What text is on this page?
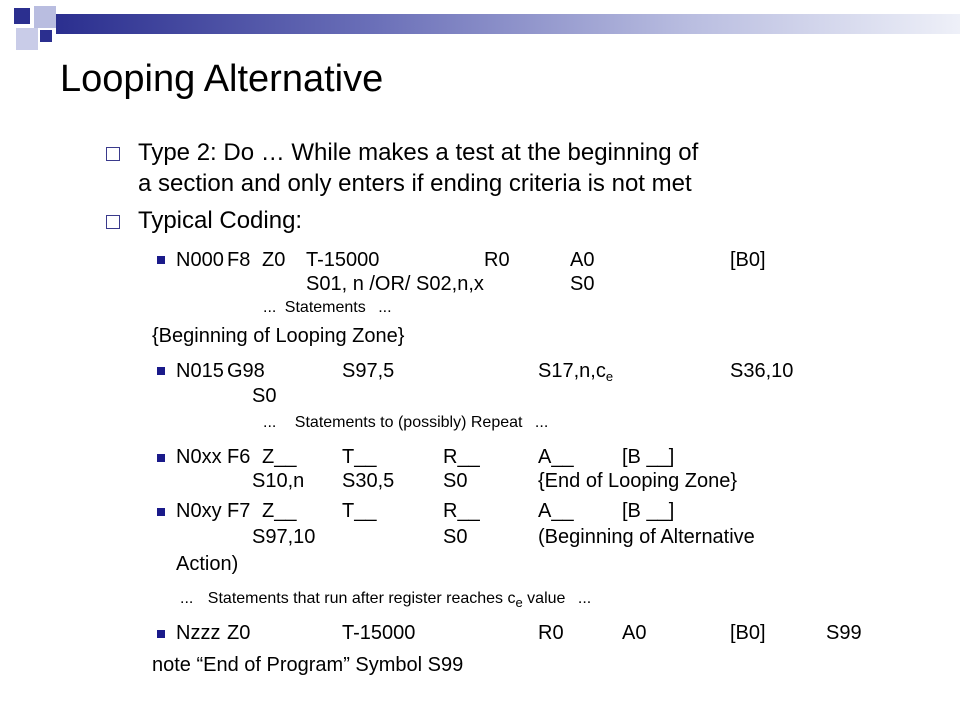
Looping Alternative
Type 2: Do … While makes a test at the beginning of
a section and only enters if ending criteria is not met
Typical Coding:
N000 F8 Z0 T-15000	R0	A0	[B0]
S01, n /OR/ S02,n,x	S0
... Statements ...
{Beginning of Looping Zone}
N015 G98	S97,5	$S17,n,c_e$	S36,10
S0
... Statements to (possibly) Repeat ...
N0xx F6 Z__ T__	R__	A__ [B __]
S10,n S30,5 S0	{End of Looping Zone}
N0xy F7 Z__ T__	R__	A__ [B __]
S97,10	S0	(Beginning of Alternative
Action)
... Statements that run after register reaches $c_e$ value ...
Nzzz Z0	T-15000	R0	A0	[B0]	S99
note “End of Program” Symbol S99
